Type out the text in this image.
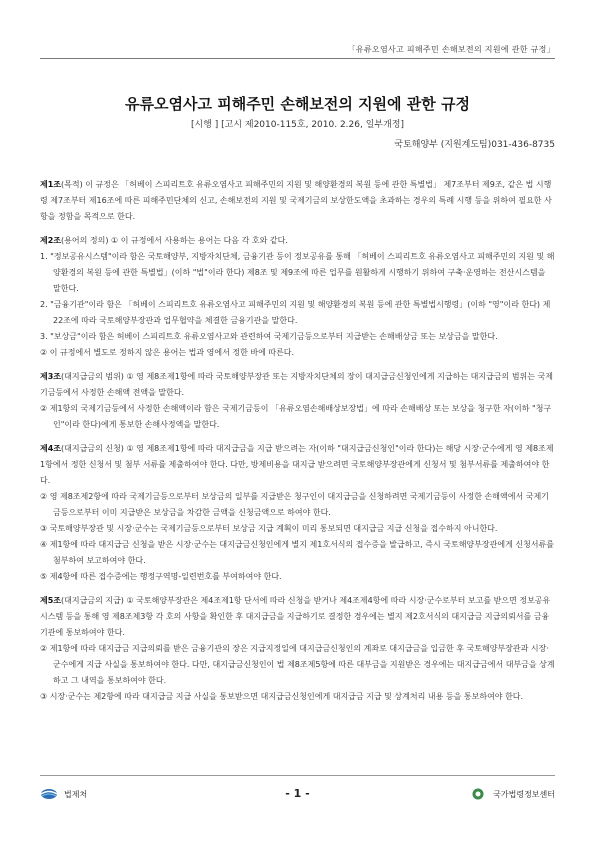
「유류오염사고 피해주민 손해보전의 지원에 관한 규정」
유류오염사고 피해주민 손해보전의 지원에 관한 규정
[시행 ] [고시 제2010-115호, 2010. 2.26, 일부개정]
국토해양부 (지원계도팀)031-436-8735
제1조(목적) 이 규정은 「허베이 스피리트호 유류오염사고 피해주민의 지원 및 해양환경의 복원 등에 관한 특별법」 제7조부터 제9조, 같은 법 시행령 제7조부터 제16조에 따른 피해주민단체의 신고, 손해보전의 지원 및 국제기금의 보상한도액을 초과하는 경우의 특례 시행 등을 위하여 필요한 사항을 정함을 목적으로 한다.
제2조(용어의 정의) ① 이 규정에서 사용하는 용어는 다음 각 호와 같다.
1. "정보공유시스템"이라 함은 국토해양부, 지방자치단체, 금융기관 등이 정보공유를 통해 「허베이 스피리트호 유류오염사고 피해주민의 지원 및 해양환경의 복원 등에 관한 특별법」(이하 "법"이라 한다) 제8조 및 제9조에 따른 업무를 원활하게 시행하기 위하여 구축·운영하는 전산시스템을 말한다.
2. "금융기관"이라 함은 「허베이 스피리트호 유류오염사고 피해주민의 지원 및 해양환경의 복원 등에 관한 특별법시행령」(이하 "영"이라 한다) 제22조에 따라 국토해양부장관과 업무협약을 체결한 금융기관을 말한다.
3. "보상금"이라 함은 허베이 스피리트호 유류오염사고와 관련하여 국제기금등으로부터 지급받는 손해배상금 또는 보상금을 말한다.
② 이 규정에서 별도로 정하지 않은 용어는 법과 영에서 정한 바에 따른다.
제3조(대지급금의 범위) ① 영 제8조제1항에 따라 국토해양부장관 또는 지방자치단체의 장이 대지급금신청인에게 지급하는 대지급금의 범위는 국제기금등에서 사정한 손해액 전액을 말한다.
② 제1항의 국제기금등에서 사정한 손해액이라 함은 국제기금등이 「유류오염손해배상보장법」에 따라 손해배상 또는 보상을 청구한 자(이하 "청구인"이라 한다)에게 통보한 손해사정액을 말한다.
제4조(대지급금의 신청) ① 영 제8조제1항에 따라 대지급금을 지급 받으려는 자(이하 "대지급금신청인"이라 한다)는 해당 시장·군수에게 영 제8조제1항에서 정한 신청서 및 첨부 서류를 제출하여야 한다. 다만, 방제비용을 대지급 받으려면 국토해양부장관에게 신청서 및 첨부서류를 제출하여야 한다.
② 영 제8조제2항에 따라 국제기금등으로부터 보상금의 일부를 지급받은 청구인이 대지급금을 신청하려면 국제기금등이 사정한 손해액에서 국제기금등으로부터 이미 지급받은 보상금을 차감한 금액을 신청금액으로 하여야 한다.
③ 국토해양부장관 및 시장·군수는 국제기금등으로부터 보상금 지급 계획이 미리 통보되면 대지급금 지급 신청을 접수하지 아니한다.
④ 제1항에 따라 대지급금 신청을 받은 시장·군수는 대지급금신청인에게 별지 제1호서식의 접수증을 발급하고, 즉시 국토해양부장관에게 신청서류를 첨부하여 보고하여야 한다.
⑤ 제4항에 따른 접수증에는 행정구역명-일련번호를 부여하여야 한다.
제5조(대지급금의 지급) ① 국토해양부장관은 제4조제1항 단서에 따라 신청을 받거나 제4조제4항에 따라 시장·군수로부터 보고를 받으면 정보공유시스템 등을 통해 영 제8조제3항 각 호의 사항을 확인한 후 대지급금을 지급하기로 결정한 경우에는 별지 제2호서식의 대지급금 지급의뢰서를 금융기관에 통보하여야 한다.
② 제1항에 따라 대지급금 지급의뢰를 받은 금융기관의 장은 지급지정일에 대지급금신청인의 계좌로 대지급금을 입금한 후 국토해양부장관과 시장·군수에게 지급 사실을 통보하여야 한다. 다만, 대지급금신청인이 법 제8조제5항에 따른 대부금을 지원받은 경우에는 대지급금에서 대부금을 상계하고 그 내역을 통보하여야 한다.
③ 시장·군수는 제2항에 따라 대지급금 지급 사실을 통보받으면 대지급금신청인에게 대지급금 지급 및 상계처리 내용 등을 통보하여야 한다.
법제처	- 1 -	국가법령정보센터
